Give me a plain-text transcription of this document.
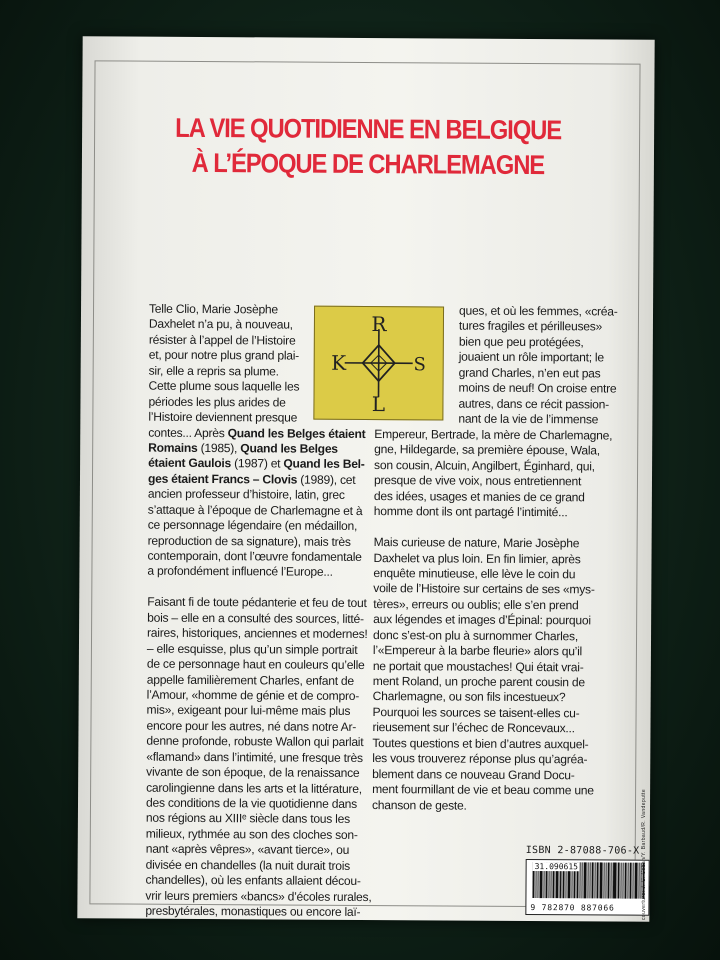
LA VIE QUOTIDIENNE EN BELGIQUE
À L’ÉPOQUE DE CHARLEMAGNE
R
K	S
L
Telle Clio, Marie Josèphe
Daxhelet n’a pu, à nouveau,
résister à l’appel de l’Histoire
et, pour notre plus grand plai-
sir, elle a repris sa plume.
Cette plume sous laquelle les
périodes les plus arides de
l’Histoire deviennent presque
contes... Après Quand les Belges étaient
Romains (1985), Quand les Belges
étaient Gaulois (1987) et Quand les Bel-
ges étaient Francs – Clovis (1989), cet
ancien professeur d’histoire, latin, grec
s’attaque à l’époque de Charlemagne et à
ce personnage légendaire (en médaillon,
reproduction de sa signature), mais très
contemporain, dont l’œuvre fondamentale
a profondément influencé l’Europe...
Faisant fi de toute pédanterie et feu de tout
bois – elle en a consulté des sources, litté-
raires, historiques, anciennes et modernes!
– elle esquisse, plus qu’un simple portrait
de ce personnage haut en couleurs qu’elle
appelle familièrement Charles, enfant de
l’Amour, «homme de génie et de compro-
mis», exigeant pour lui-même mais plus
encore pour les autres, né dans notre Ar-
denne profonde, robuste Wallon qui parlait
«flamand» dans l’intimité, une fresque très
vivante de son époque, de la renaissance
carolingienne dans les arts et la littérature,
des conditions de la vie quotidienne dans
nos régions au XIIIᵉ siècle dans tous les
milieux, rythmée au son des cloches son-
nant «après vêpres», «avant tierce», ou
divisée en chandelles (la nuit durait trois
chandelles), où les enfants allaient décou-
vrir leurs premiers «bancs» d’écoles rurales,
presbytérales, monastiques ou encore laï-
ques, et où les femmes, «créa-
tures fragiles et périlleuses»
bien que peu protégées,
jouaient un rôle important; le
grand Charles, n’en eut pas
moins de neuf! On croise entre
autres, dans ce récit passion-
nant de la vie de l’immense
Empereur, Bertrade, la mère de Charlemagne,
gne, Hildegarde, sa première épouse, Wala,
son cousin, Alcuin, Angilbert, Éginhard, qui,
presque de vive voix, nous entretiennent
des idées, usages et manies de ce grand
homme dont ils ont partagé l’intimité...
Mais curieuse de nature, Marie Josèphe
Daxhelet va plus loin. En fin limier, après
enquête minutieuse, elle lève le coin du
voile de l’Histoire sur certains de ses «mys-
tères», erreurs ou oublis; elle s’en prend
aux légendes et images d’Épinal: pourquoi
donc s’est-on plu à surnommer Charles,
l’«Empereur à la barbe fleurie» alors qu’il
ne portait que moustaches! Qui était vrai-
ment Roland, un proche parent cousin de
Charlemagne, ou son fils incestueux?
Pourquoi les sources se taisent-elles cu-
rieusement sur l’échec de Roncevaux...
Toutes questions et bien d’autres auxquel-
les vous trouverez réponse plus qu’agréa-
blement dans ce nouveau Grand Docu-
ment fourmillant de vie et beau comme une
chanson de geste.
ISBN 2-87088-706-X
31.090615
9 782870 887066	couverture: J.-C. Coban/Y. Barbaud/R. Vandeputte
